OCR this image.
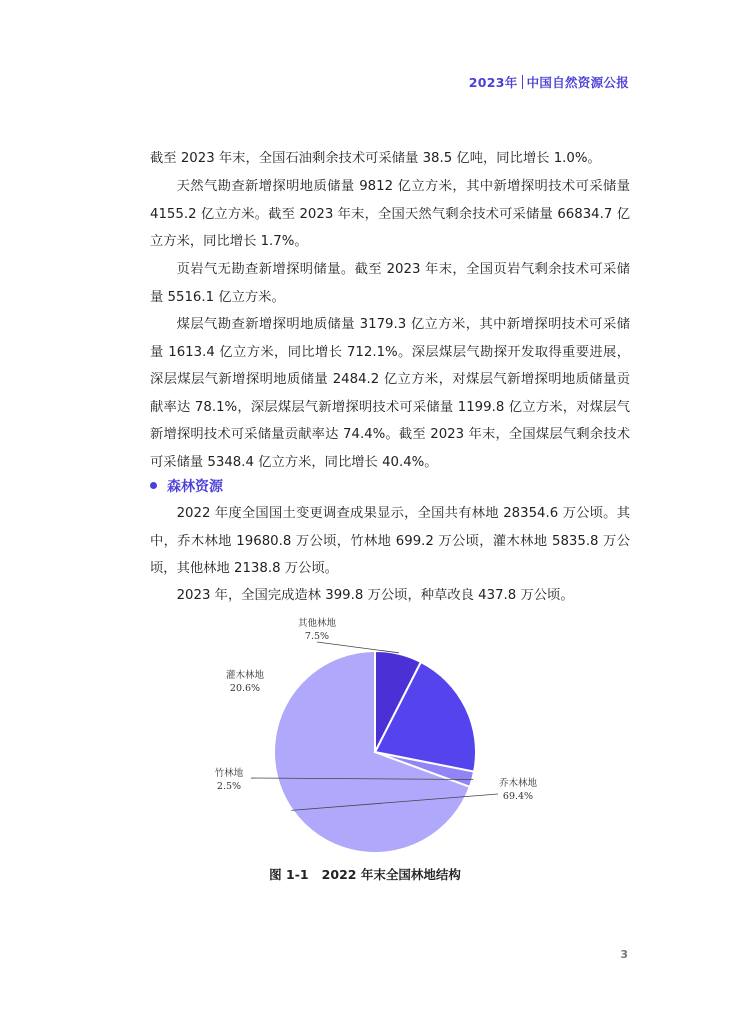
2023年 中国自然资源公报

截至 2023 年末，全国石油剩余技术可采储量 38.5 亿吨，同比增长 1.0%。

天然气勘查新增探明地质储量 9812 亿立方米，其中新增探明技术可采储量 4155.2 亿立方米。截至 2023 年末，全国天然气剩余技术可采储量 66834.7 亿立方米，同比增长 1.7%。

页岩气无勘查新增探明储量。截至 2023 年末，全国页岩气剩余技术可采储量 5516.1 亿立方米。

煤层气勘查新增探明地质储量 3179.3 亿立方米，其中新增探明技术可采储量 1613.4 亿立方米，同比增长 712.1%。深层煤层气勘探开发取得重要进展，深层煤层气新增探明地质储量 2484.2 亿立方米，对煤层气新增探明地质储量贡献率达 78.1%，深层煤层气新增探明技术可采储量 1199.8 亿立方米，对煤层气新增探明技术可采储量贡献率达 74.4%。截至 2023 年末，全国煤层气剩余技术可采储量 5348.4 亿立方米，同比增长 40.4%。

森林资源

2022 年度全国国土变更调查成果显示，全国共有林地 28354.6 万公顷。其中，乔木林地 19680.8 万公顷，竹林地 699.2 万公顷，灌木林地 5835.8 万公顷，其他林地 2138.8 万公顷。

2023 年，全国完成造林 399.8 万公顷，种草改良 437.8 万公顷。

乔木林地
69.4%
竹林地
2.5%
灌木林地
20.6%
其他林地
7.5%
图 1-1 2022 年末全国林地结构
3
